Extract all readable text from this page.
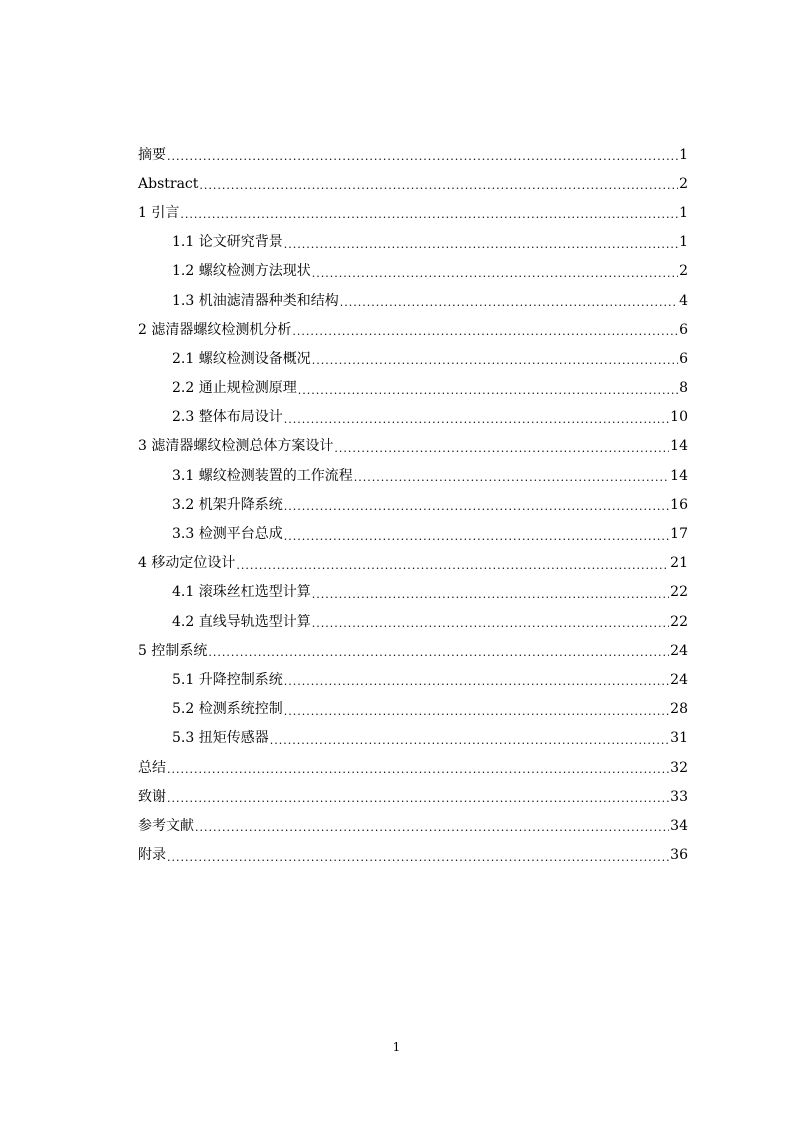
摘要 .....	1
Abstract .....	2
1 引言 .....	1
1.1 论文研究背景 .....	1
1.2 螺纹检测方法现状 .....	2
1.3 机油滤清器种类和结构 .....	4
2 滤清器螺纹检测机分析 .....	6
2.1 螺纹检测设备概况 .....	6
2.2 通止规检测原理 .....	8
2.3 整体布局设计 .....	10
3 滤清器螺纹检测总体方案设计 .....	14
3.1 螺纹检测装置的工作流程 .....	14
3.2 机架升降系统 .....	16
3.3 检测平台总成 .....	17
4 移动定位设计 .....	21
4.1 滚珠丝杠选型计算 .....	22
4.2 直线导轨选型计算 .....	22
5 控制系统 .....	24
5.1 升降控制系统 .....	24
5.2 检测系统控制 .....	28
5.3 扭矩传感器 .....	31
总结 .....	32
致谢 .....	33
参考文献 .....	34
附录 .....	36
1
